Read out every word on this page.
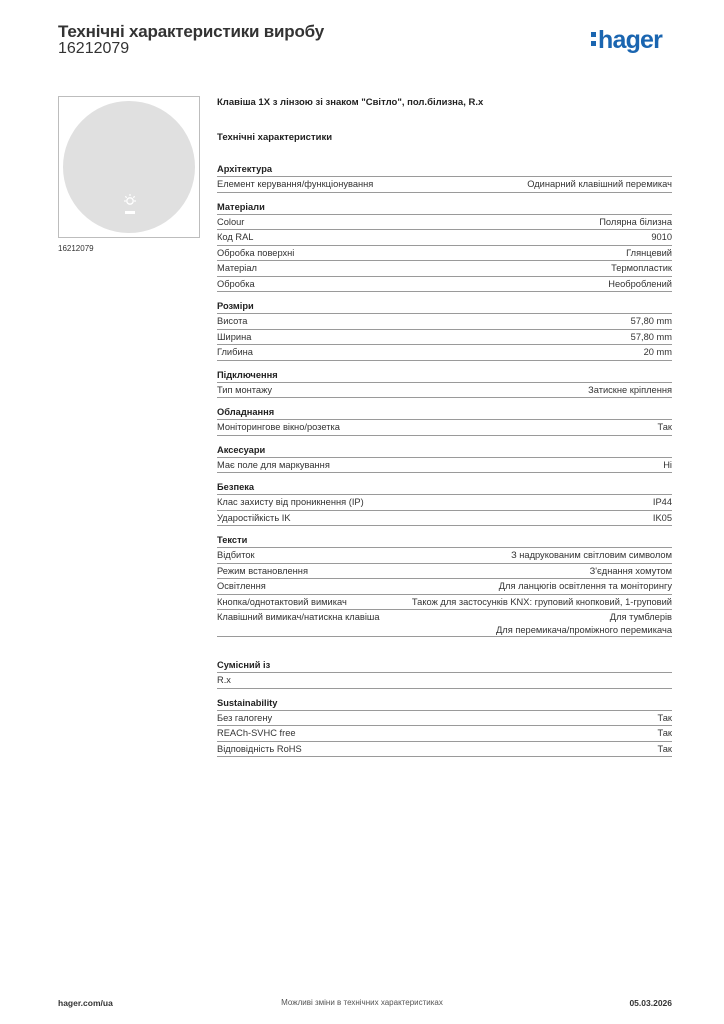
Технічні характеристики виробу
16212079	hager
16212079
Клавіша 1X з лінзою зі знаком "Світло", пол.білизна, R.x
Технічні характеристики
Архітектура
Елемент керування/функціонування	Одинарний клавішний перемикач
Матеріали
Colour	Полярна білизна
Код RAL	9010
Обробка поверхні	Глянцевий
Матеріал	Термопластик
Обробка	Необроблений
Розміри
Висота	57,80 mm
Ширина	57,80 mm
Глибина	20 mm
Підключення
Тип монтажу	Затискне кріплення
Обладнання
Моніторингове вікно/розетка	Так
Аксесуари
Має поле для маркування	Ні
Безпека
Клас захисту від проникнення (IP)	IP44
Ударостійкість IK	IK05
Тексти
Відбиток	З надрукованим світловим символом
Режим встановлення	З'єднання хомутом
Освітлення	Для ланцюгів освітлення та моніторингу
Кнопка/однотактовий вимикач	Також для застосунків KNX: груповий кнопковий, 1-груповий
Клавішний вимикач/натискна клавіша	Для тумблерів
Для перемикача/проміжного перемикача
Сумісний із
R.x
Sustainability
Без галогену	Так
REACh-SVHC free	Так
Відповідність RoHS	Так
hager.com/ua	Можливі зміни в технічних характеристиках	05.03.2026
